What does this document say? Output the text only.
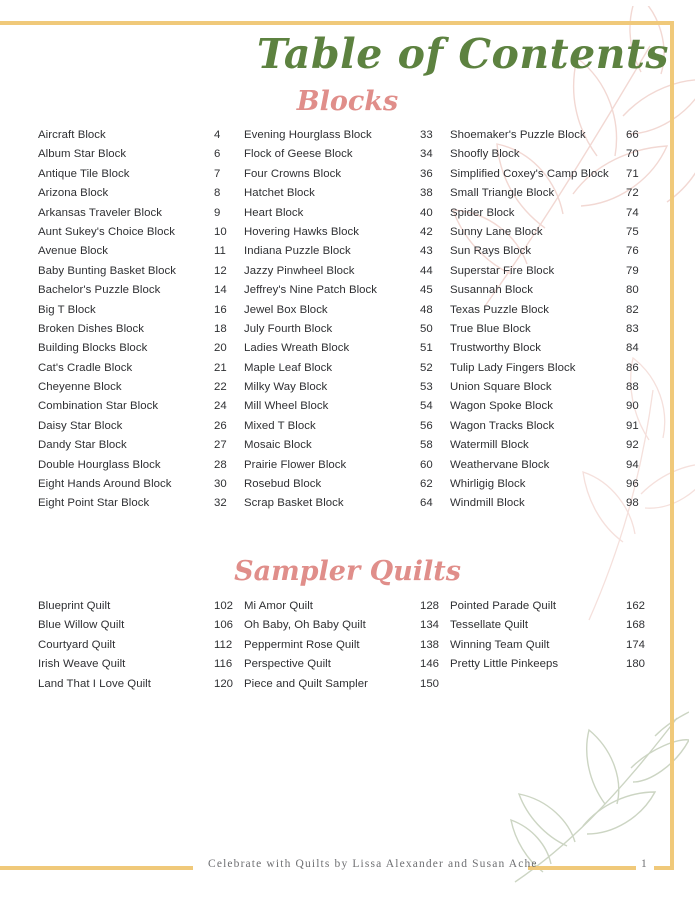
Table of Contents
Blocks
Aircraft Block	4
Album Star Block	6
Antique Tile Block	7
Arizona Block	8
Arkansas Traveler Block	9
Aunt Sukey's Choice Block	10
Avenue Block	11
Baby Bunting Basket Block	12
Bachelor's Puzzle Block	14
Big T Block	16
Broken Dishes Block	18
Building Blocks Block	20
Cat's Cradle Block	21
Cheyenne Block	22
Combination Star Block	24
Daisy Star Block	26
Dandy Star Block	27
Double Hourglass Block	28
Eight Hands Around Block	30
Eight Point Star Block	32
Evening Hourglass Block	33
Flock of Geese Block	34
Four Crowns Block	36
Hatchet Block	38
Heart Block	40
Hovering Hawks Block	42
Indiana Puzzle Block	43
Jazzy Pinwheel Block	44
Jeffrey's Nine Patch Block	45
Jewel Box Block	48
July Fourth Block	50
Ladies Wreath Block	51
Maple Leaf Block	52
Milky Way Block	53
Mill Wheel Block	54
Mixed T Block	56
Mosaic Block	58
Prairie Flower Block	60
Rosebud Block	62
Scrap Basket Block	64
Shoemaker's Puzzle Block	66
Shoofly Block	70
Simplified Coxey's Camp Block	71
Small Triangle Block	72
Spider Block	74
Sunny Lane Block	75
Sun Rays Block	76
Superstar Fire Block	79
Susannah Block	80
Texas Puzzle Block	82
True Blue Block	83
Trustworthy Block	84
Tulip Lady Fingers Block	86
Union Square Block	88
Wagon Spoke Block	90
Wagon Tracks Block	91
Watermill Block	92
Weathervane Block	94
Whirligig Block	96
Windmill Block	98
Sampler Quilts
Blueprint Quilt	102
Blue Willow Quilt	106
Courtyard Quilt	112
Irish Weave Quilt	116
Land That I Love Quilt	120
Mi Amor Quilt	128
Oh Baby, Oh Baby Quilt	134
Peppermint Rose Quilt	138
Perspective Quilt	146
Piece and Quilt Sampler	150
Pointed Parade Quilt	162
Tessellate Quilt	168
Winning Team Quilt	174
Pretty Little Pinkeeps	180
Celebrate with Quilts by Lissa Alexander and Susan Ache	1
